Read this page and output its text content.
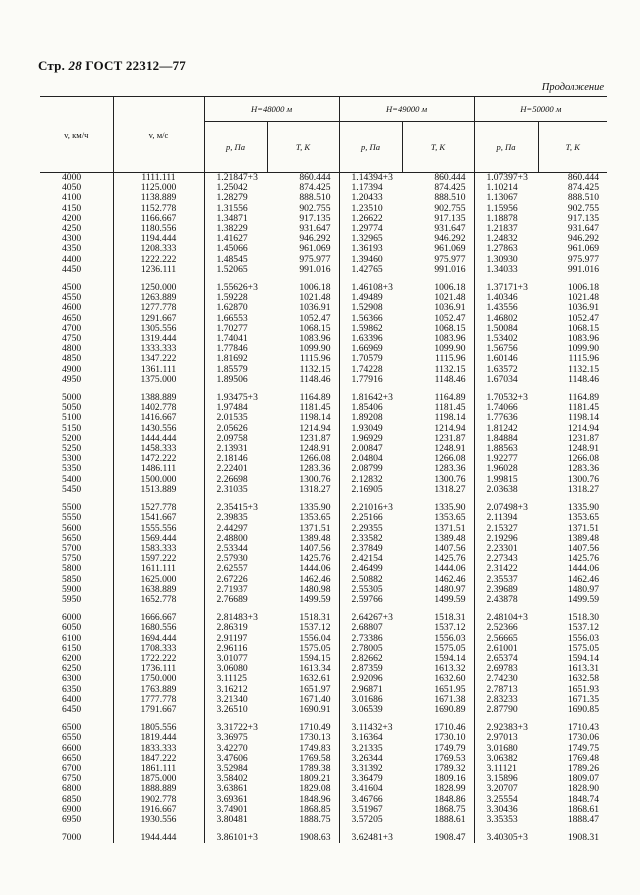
Стр. 28 ГОСТ 22312—77
Продолжение
v, км/ч	v, м/с	H=48000 м		H=49000 м		H=50000 м	
		p, Па	T, К	p, Па	T, К	p, Па	T, К
4000	1111.111	1.21847+3	860.444	1.14394+3	860.444	1.07397+3	860.444
4050	1125.000	1.25042	874.425	1.17394	874.425	1.10214	874.425
4100	1138.889	1.28279	888.510	1.20433	888.510	1.13067	888.510
4150	1152.778	1.31556	902.755	1.23510	902.755	1.15956	902.755
4200	1166.667	1.34871	917.135	1.26622	917.135	1.18878	917.135
4250	1180.556	1.38229	931.647	1.29774	931.647	1.21837	931.647
4300	1194.444	1.41627	946.292	1.32965	946.292	1.24832	946.292
4350	1208.333	1.45066	961.069	1.36193	961.069	1.27863	961.069
4400	1222.222	1.48545	975.977	1.39460	975.977	1.30930	975.977
4450	1236.111	1.52065	991.016	1.42765	991.016	1.34033	991.016

4500	1250.000	1.55626+3	1006.18	1.46108+3	1006.18	1.37171+3	1006.18
4550	1263.889	1.59228	1021.48	1.49489	1021.48	1.40346	1021.48
4600	1277.778	1.62870	1036.91	1.52908	1036.91	1.43556	1036.91
4650	1291.667	1.66553	1052.47	1.56366	1052.47	1.46802	1052.47
4700	1305.556	1.70277	1068.15	1.59862	1068.15	1.50084	1068.15
4750	1319.444	1.74041	1083.96	1.63396	1083.96	1.53402	1083.96
4800	1333.333	1.77846	1099.90	1.66969	1099.90	1.56756	1099.90
4850	1347.222	1.81692	1115.96	1.70579	1115.96	1.60146	1115.96
4900	1361.111	1.85579	1132.15	1.74228	1132.15	1.63572	1132.15
4950	1375.000	1.89506	1148.46	1.77916	1148.46	1.67034	1148.46

5000	1388.889	1.93475+3	1164.89	1.81642+3	1164.89	1.70532+3	1164.89
5050	1402.778	1.97484	1181.45	1.85406	1181.45	1.74066	1181.45
5100	1416.667	2.01535	1198.14	1.89208	1198.14	1.77636	1198.14
5150	1430.556	2.05626	1214.94	1.93049	1214.94	1.81242	1214.94
5200	1444.444	2.09758	1231.87	1.96929	1231.87	1.84884	1231.87
5250	1458.333	2.13931	1248.91	2.00847	1248.91	1.88563	1248.91
5300	1472.222	2.18146	1266.08	2.04804	1266.08	1.92277	1266.08
5350	1486.111	2.22401	1283.36	2.08799	1283.36	1.96028	1283.36
5400	1500.000	2.26698	1300.76	2.12832	1300.76	1.99815	1300.76
5450	1513.889	2.31035	1318.27	2.16905	1318.27	2.03638	1318.27

5500	1527.778	2.35415+3	1335.90	2.21016+3	1335.90	2.07498+3	1335.90
5550	1541.667	2.39835	1353.65	2.25166	1353.65	2.11394	1353.65
5600	1555.556	2.44297	1371.51	2.29355	1371.51	2.15327	1371.51
5650	1569.444	2.48800	1389.48	2.33582	1389.48	2.19296	1389.48
5700	1583.333	2.53344	1407.56	2.37849	1407.56	2.23301	1407.56
5750	1597.222	2.57930	1425.76	2.42154	1425.76	2.27343	1425.76
5800	1611.111	2.62557	1444.06	2.46499	1444.06	2.31422	1444.06
5850	1625.000	2.67226	1462.46	2.50882	1462.46	2.35537	1462.46
5900	1638.889	2.71937	1480.98	2.55305	1480.97	2.39689	1480.97
5950	1652.778	2.76689	1499.59	2.59766	1499.59	2.43878	1499.59

6000	1666.667	2.81483+3	1518.31	2.64267+3	1518.31	2.48104+3	1518.30
6050	1680.556	2.86319	1537.12	2.68807	1537.12	2.52366	1537.12
6100	1694.444	2.91197	1556.04	2.73386	1556.03	2.56665	1556.03
6150	1708.333	2.96116	1575.05	2.78005	1575.05	2.61001	1575.05
6200	1722.222	3.01077	1594.15	2.82662	1594.14	2.65374	1594.14
6250	1736.111	3.06080	1613.34	2.87359	1613.32	2.69783	1613.31
6300	1750.000	3.11125	1632.61	2.92096	1632.60	2.74230	1632.58
6350	1763.889	3.16212	1651.97	2.96871	1651.95	2.78713	1651.93
6400	1777.778	3.21340	1671.40	3.01686	1671.38	2.83233	1671.35
6450	1791.667	3.26510	1690.91	3.06539	1690.89	2.87790	1690.85

6500	1805.556	3.31722+3	1710.49	3.11432+3	1710.46	2.92383+3	1710.43
6550	1819.444	3.36975	1730.13	3.16364	1730.10	2.97013	1730.06
6600	1833.333	3.42270	1749.83	3.21335	1749.79	3.01680	1749.75
6650	1847.222	3.47606	1769.58	3.26344	1769.53	3.06382	1769.48
6700	1861.111	3.52984	1789.38	3.31392	1789.32	3.11121	1789.26
6750	1875.000	3.58402	1809.21	3.36479	1809.16	3.15896	1809.07
6800	1888.889	3.63861	1829.08	3.41604	1828.99	3.20707	1828.90
6850	1902.778	3.69361	1848.96	3.46766	1848.86	3.25554	1848.74
6900	1916.667	3.74901	1868.85	3.51967	1868.75	3.30436	1868.61
6950	1930.556	3.80481	1888.75	3.57205	1888.61	3.35353	1888.47

7000	1944.444	3.86101+3	1908.63	3.62481+3	1908.47	3.40305+3	1908.31
